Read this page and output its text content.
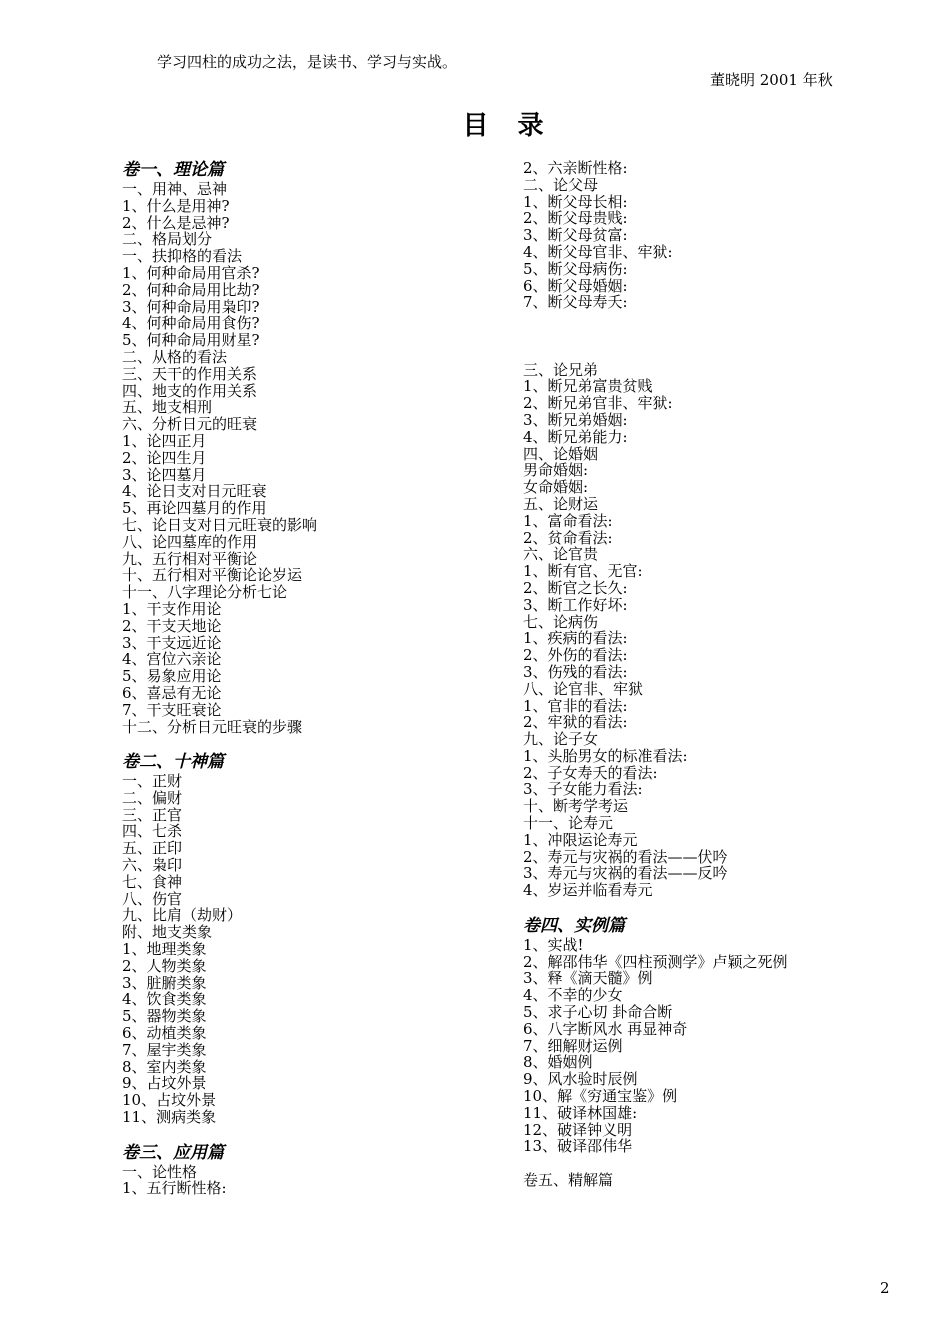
学习四柱的成功之法，是读书、学习与实战。
董晓明 2001 年秋
目 录
卷一、理论篇
一、用神、忌神
1、什么是用神?
2、什么是忌神?
二、格局划分
一、扶抑格的看法
1、何种命局用官杀?
2、何种命局用比劫?
3、何种命局用枭印?
4、何种命局用食伤?
5、何种命局用财星?
二、从格的看法
三、天干的作用关系
四、地支的作用关系
五、地支相刑
六、分析日元的旺衰
1、论四正月
2、论四生月
3、论四墓月
4、论日支对日元旺衰
5、再论四墓月的作用
七、论日支对日元旺衰的影响
八、论四墓库的作用
九、五行相对平衡论
十、五行相对平衡论论岁运
十一、八字理论分析七论
1、干支作用论
2、干支天地论
3、干支远近论
4、宫位六亲论
5、易象应用论
6、喜忌有无论
7、干支旺衰论
十二、分析日元旺衰的步骤
卷二、十神篇
一、正财
二、偏财
三、正官
四、七杀
五、正印
六、枭印
七、食神
八、伤官
九、比肩（劫财）
附、地支类象
1、地理类象
2、人物类象
3、脏腑类象
4、饮食类象
5、器物类象
6、动植类象
7、屋宇类象
8、室内类象
9、占坟外景
10、占坟外景
11、测病类象
卷三、应用篇
一、论性格
1、五行断性格:
2、六亲断性格:
二、论父母
1、断父母长相:
2、断父母贵贱:
3、断父母贫富:
4、断父母官非、牢狱:
5、断父母病伤:
6、断父母婚姻:
7、断父母寿夭:
三、论兄弟
1、断兄弟富贵贫贱
2、断兄弟官非、牢狱:
3、断兄弟婚姻:
4、断兄弟能力:
四、论婚姻
男命婚姻:
女命婚姻:
五、论财运
1、富命看法:
2、贫命看法:
六、论官贵
1、断有官、无官:
2、断官之长久:
3、断工作好坏:
七、论病伤
1、疾病的看法:
2、外伤的看法:
3、伤残的看法:
八、论官非、牢狱
1、官非的看法:
2、牢狱的看法:
九、论子女
1、头胎男女的标准看法:
2、子女寿夭的看法:
3、子女能力看法:
十、断考学考运
十一、论寿元
1、冲限运论寿元
2、寿元与灾祸的看法——伏吟
3、寿元与灾祸的看法——反吟
4、岁运并临看寿元
卷四、实例篇
1、实战!
2、解邵伟华《四柱预测学》卢颖之死例
3、释《滴天髓》例
4、不幸的少女
5、求子心切 卦命合断
6、八字断风水 再显神奇
7、细解财运例
8、婚姻例
9、风水验时辰例
10、解《穷通宝鉴》例
11、破译林国雄:
12、破译钟义明
13、破译邵伟华
卷五、精解篇
2
